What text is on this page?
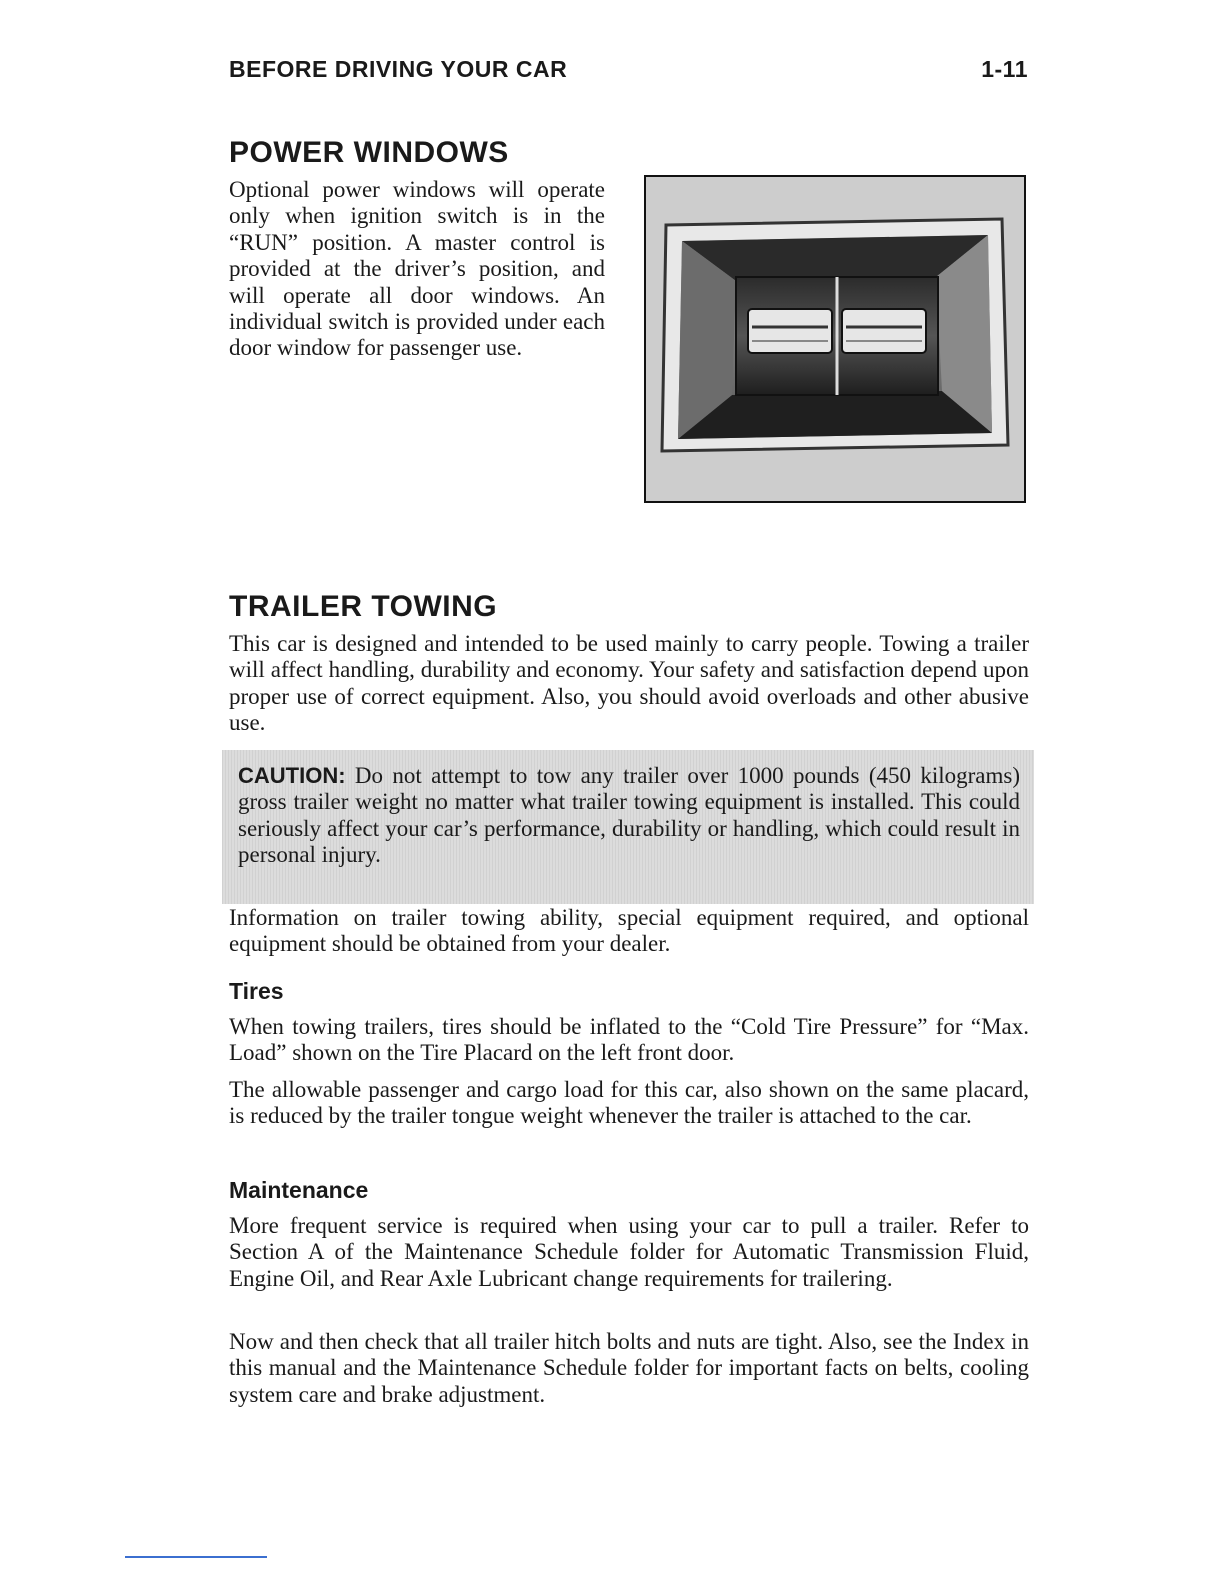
BEFORE DRIVING YOUR CAR	1-11
POWER WINDOWS

Optional power windows will operate only when ignition switch is in the “RUN” position. A master control is provided at the driver’s position, and will operate all door windows. An individual switch is provided under each door window for passenger use.

TRAILER TOWING

This car is designed and intended to be used mainly to carry people. Towing a trailer will affect handling, durability and economy. Your safety and satisfaction depend upon proper use of correct equipment. Also, you should avoid overloads and other abusive use.

CAUTION: Do not attempt to tow any trailer over 1000 pounds (450 kilograms) gross trailer weight no matter what trailer towing equipment is installed. This could seriously affect your car’s performance, durability or handling, which could result in personal injury.

Information on trailer towing ability, special equipment required, and optional equipment should be obtained from your dealer.

Tires

When towing trailers, tires should be inflated to the “Cold Tire Pressure” for “Max. Load” shown on the Tire Placard on the left front door.

The allowable passenger and cargo load for this car, also shown on the same placard, is reduced by the trailer tongue weight whenever the trailer is attached to the car.

Maintenance

More frequent service is required when using your car to pull a trailer. Refer to Section A of the Maintenance Schedule folder for Automatic Transmission Fluid, Engine Oil, and Rear Axle Lubricant change requirements for trailering.

Now and then check that all trailer hitch bolts and nuts are tight. Also, see the Index in this manual and the Maintenance Schedule folder for important facts on belts, cooling system care and brake adjustment.
